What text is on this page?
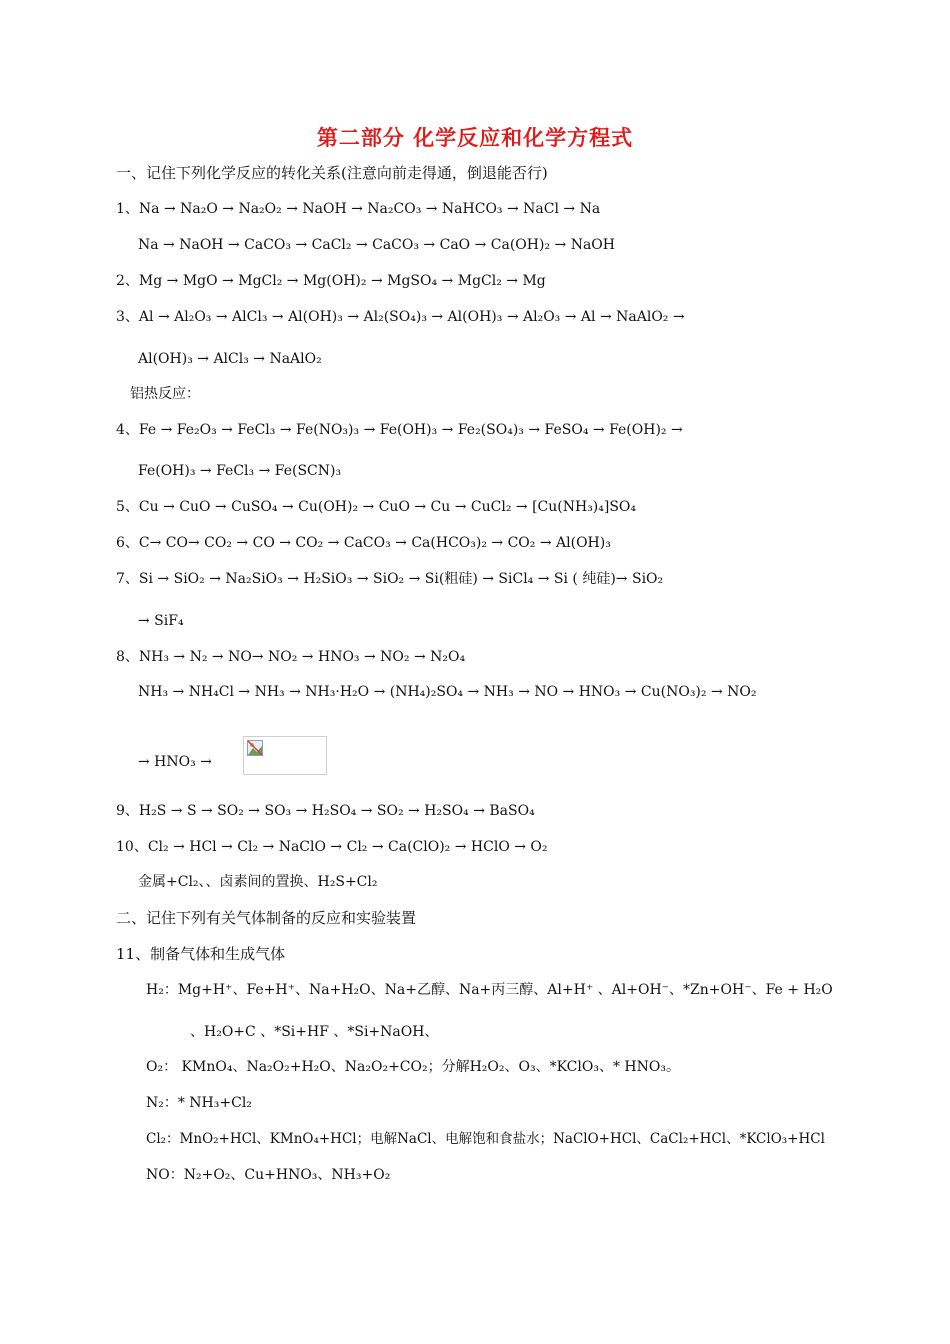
第二部分 化学反应和化学方程式
一、记住下列化学反应的转化关系(注意向前走得通，倒退能否行)
1、Na → Na₂O → Na₂O₂ → NaOH → Na₂CO₃ → NaHCO₃ → NaCl → Na
Na → NaOH → CaCO₃ → CaCl₂ → CaCO₃ → CaO → Ca(OH)₂ → NaOH
2、Mg → MgO → MgCl₂ → Mg(OH)₂ → MgSO₄ → MgCl₂ → Mg
3、Al → Al₂O₃ → AlCl₃ → Al(OH)₃ → Al₂(SO₄)₃ → Al(OH)₃ → Al₂O₃ → Al → NaAlO₂ →
Al(OH)₃ → AlCl₃ → NaAlO₂
铝热反应：
4、Fe → Fe₂O₃ → FeCl₃ → Fe(NO₃)₃ → Fe(OH)₃ → Fe₂(SO₄)₃ → FeSO₄ → Fe(OH)₂ →
Fe(OH)₃ → FeCl₃ → Fe(SCN)₃
5、Cu → CuO → CuSO₄ → Cu(OH)₂ → CuO → Cu → CuCl₂ → [Cu(NH₃)₄]SO₄
6、C→ CO→ CO₂ → CO → CO₂ → CaCO₃ → Ca(HCO₃)₂ → CO₂ → Al(OH)₃
7、Si → SiO₂ → Na₂SiO₃ → H₂SiO₃ → SiO₂ → Si(粗硅) → SiCl₄ → Si ( 纯硅)→ SiO₂
→ SiF₄
8、NH₃ → N₂ → NO→ NO₂ → HNO₃ → NO₂ → N₂O₄
NH₃ → NH₄Cl → NH₃ → NH₃·H₂O → (NH₄)₂SO₄ → NH₃ → NO → HNO₃ → Cu(NO₃)₂ → NO₂
→ HNO₃ →
9、H₂S → S → SO₂ → SO₃ → H₂SO₄ → SO₂ → H₂SO₄ → BaSO₄
10、Cl₂ → HCl → Cl₂ → NaClO → Cl₂ → Ca(ClO)₂ → HClO → O₂
金属+Cl₂、、卤素间的置换、H₂S+Cl₂
二、记住下列有关气体制备的反应和实验装置
11、制备气体和生成气体
H₂：Mg+H⁺、Fe+H⁺、Na+H₂O、Na+乙醇、Na+丙三醇、Al+H⁺ 、Al+OH⁻、*Zn+OH⁻、Fe + H₂O
、H₂O+C 、*Si+HF 、*Si+NaOH、
O₂： KMnO₄、Na₂O₂+H₂O、Na₂O₂+CO₂；分解H₂O₂、O₃、*KClO₃、* HNO₃。
N₂：* NH₃+Cl₂
Cl₂：MnO₂+HCl、KMnO₄+HCl；电解NaCl、电解饱和食盐水；NaClO+HCl、CaCl₂+HCl、*KClO₃+HCl
NO：N₂+O₂、Cu+HNO₃、NH₃+O₂
